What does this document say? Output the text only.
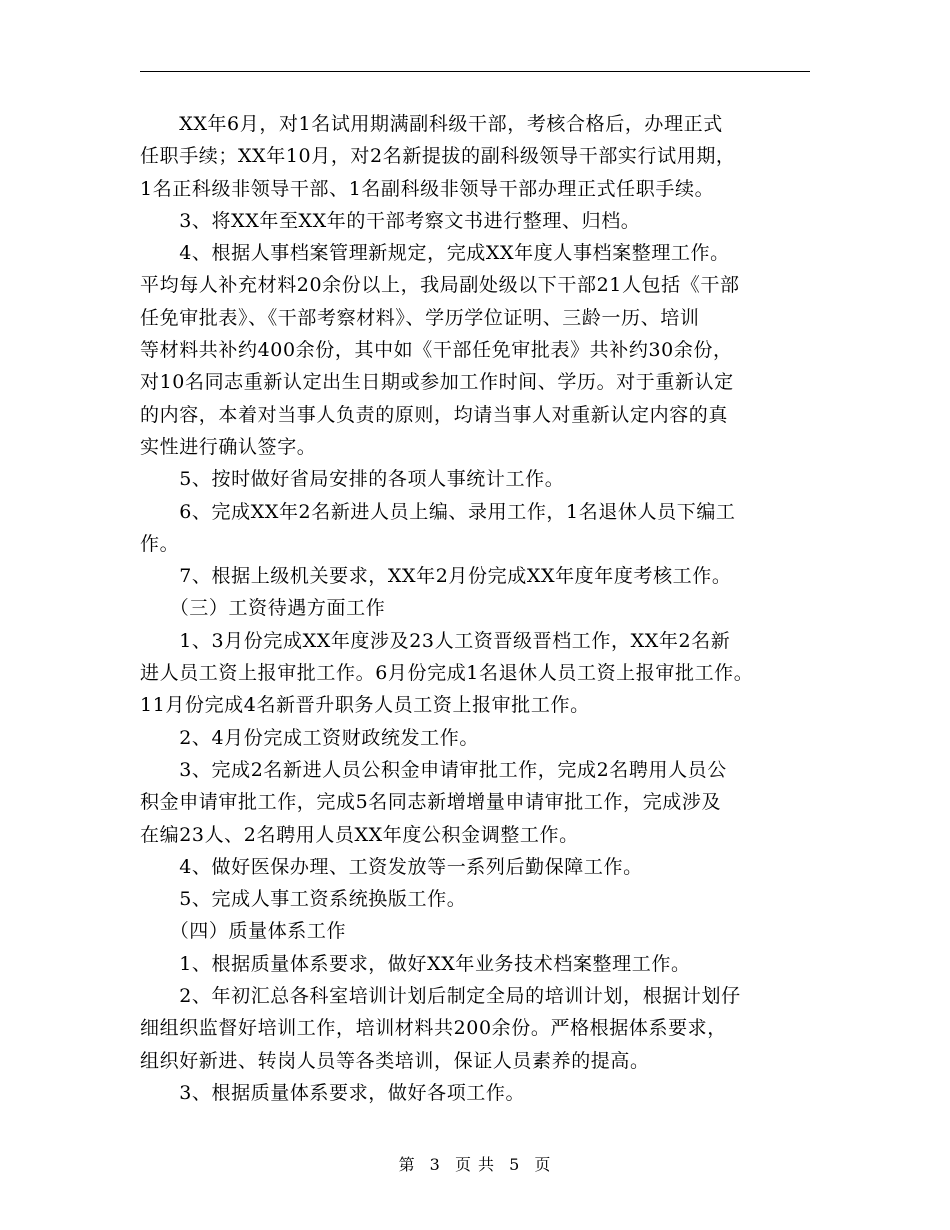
　　XX年6月，对1名试用期满副科级干部，考核合格后，办理正式
任职手续；XX年10月，对2名新提拔的副科级领导干部实行试用期，
1名正科级非领导干部、1名副科级非领导干部办理正式任职手续。
　　3、将XX年至XX年的干部考察文书进行整理、归档。
　　4、根据人事档案管理新规定，完成XX年度人事档案整理工作。
平均每人补充材料20余份以上，我局副处级以下干部21人包括《干部
任免审批表》、《干部考察材料》、学历学位证明、三龄一历、培训
等材料共补约400余份，其中如《干部任免审批表》共补约30余份，
对10名同志重新认定出生日期或参加工作时间、学历。对于重新认定
的内容，本着对当事人负责的原则，均请当事人对重新认定内容的真
实性进行确认签字。
　　5、按时做好省局安排的各项人事统计工作。
　　6、完成XX年2名新进人员上编、录用工作，1名退休人员下编工
作。
　　7、根据上级机关要求，XX年2月份完成XX年度年度考核工作。
　　（三）工资待遇方面工作
　　1、3月份完成XX年度涉及23人工资晋级晋档工作，XX年2名新
进人员工资上报审批工作。6月份完成1名退休人员工资上报审批工作。
11月份完成4名新晋升职务人员工资上报审批工作。
　　2、4月份完成工资财政统发工作。
　　3、完成2名新进人员公积金申请审批工作，完成2名聘用人员公
积金申请审批工作，完成5名同志新增增量申请审批工作，完成涉及
在编23人、2名聘用人员XX年度公积金调整工作。
　　4、做好医保办理、工资发放等一系列后勤保障工作。
　　5、完成人事工资系统换版工作。
　　（四）质量体系工作
　　1、根据质量体系要求，做好XX年业务技术档案整理工作。
　　2、年初汇总各科室培训计划后制定全局的培训计划，根据计划仔
细组织监督好培训工作，培训材料共200余份。严格根据体系要求，
组织好新进、转岗人员等各类培训，保证人员素养的提高。
　　3、根据质量体系要求，做好各项工作。
第 3 页 共 5 页
